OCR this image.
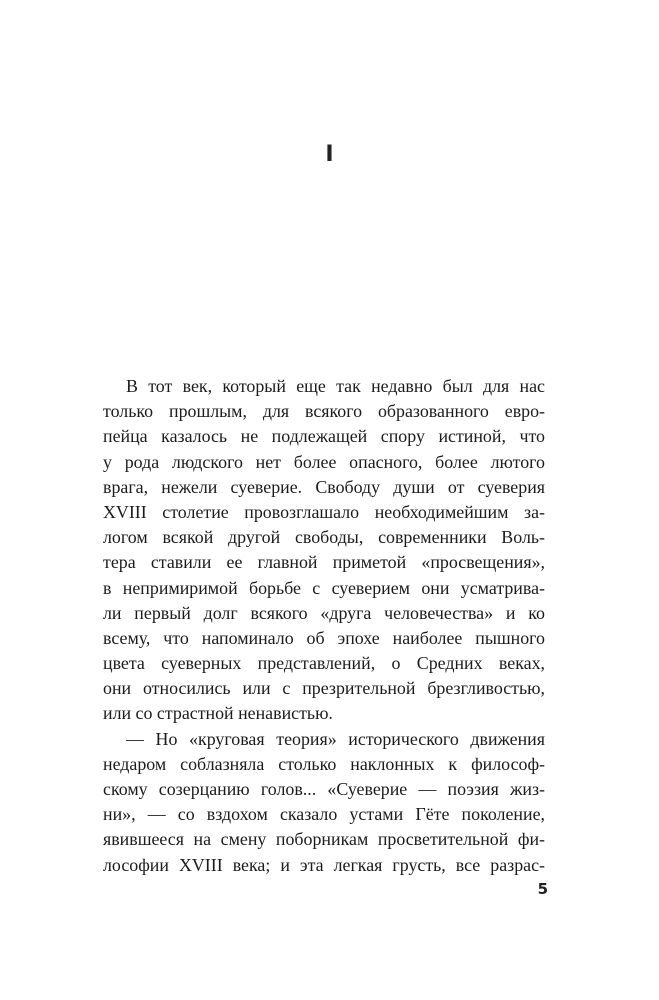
I
В тот век, который еще так недавно был для нас
только прошлым, для всякого образованного евро-
пейца казалось не подлежащей спору истиной, что
у рода людского нет более опасного, более лютого
врага, нежели суеверие. Свободу души от суеверия
XVIII столетие провозглашало необходимейшим за-
логом всякой другой свободы, современники Воль-
тера ставили ее главной приметой «просвещения»,
в непримиримой борьбе с суеверием они усматрива-
ли первый долг всякого «друга человечества» и ко
всему, что напоминало об эпохе наиболее пышного
цвета суеверных представлений, о Средних веках,
они относились или с презрительной брезгливостью,
или со страстной ненавистью.
— Но «круговая теория» исторического движения
недаром соблазняла столько наклонных к философ-
скому созерцанию голов... «Суеверие — поэзия жиз-
ни», — со вздохом сказало устами Гёте поколение,
явившееся на смену поборникам просветительной фи-
лософии XVIII века; и эта легкая грусть, все разрас-
5
